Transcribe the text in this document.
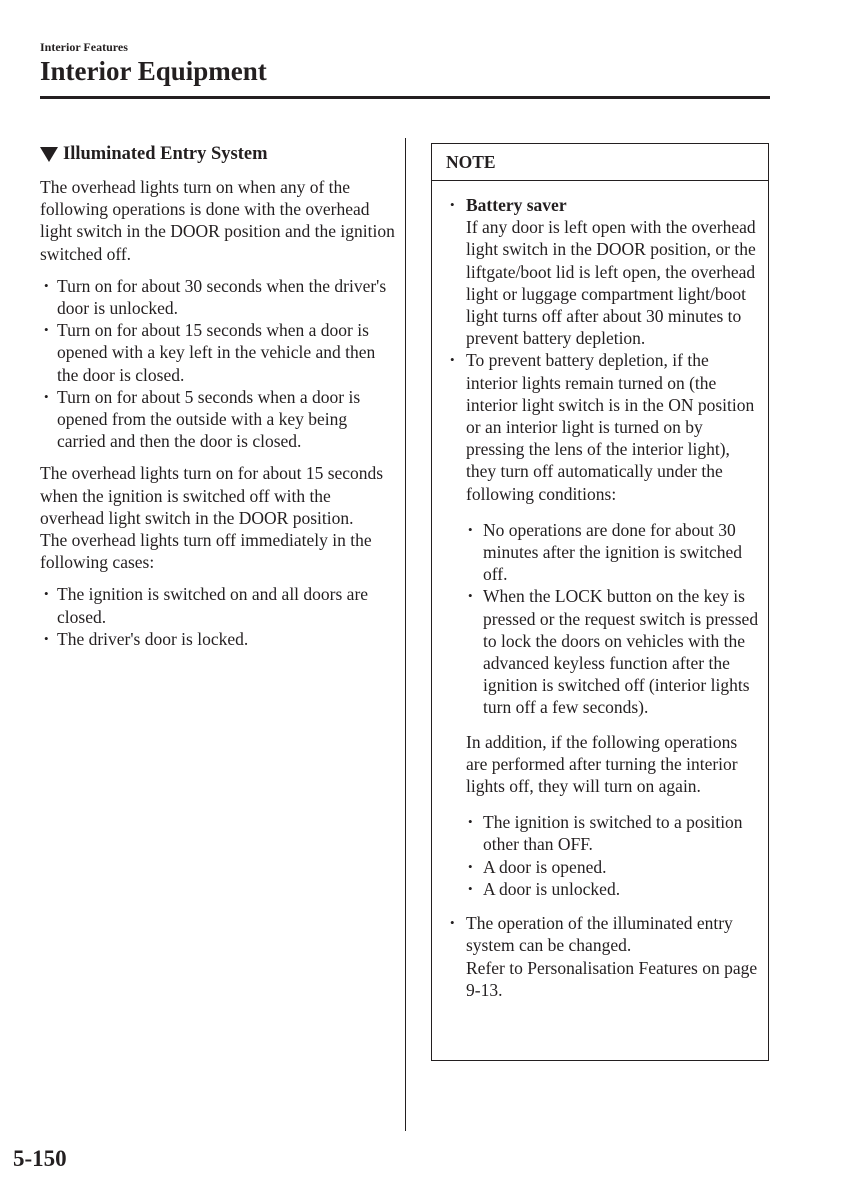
Interior Features
Interior Equipment
Illuminated Entry System

The overhead lights turn on when any of the following operations is done with the overhead light switch in the DOOR position and the ignition switched off.

• Turn on for about 30 seconds when the driver's door is unlocked.
• Turn on for about 15 seconds when a door is opened with a key left in the vehicle and then the door is closed.
• Turn on for about 5 seconds when a door is opened from the outside with a key being carried and then the door is closed.

The overhead lights turn on for about 15 seconds when the ignition is switched off with the overhead light switch in the DOOR position.

The overhead lights turn off immediately in the following cases:

• The ignition is switched on and all doors are closed.
• The driver's door is locked.
NOTE
• Battery saver
If any door is left open with the overhead light switch in the DOOR position, or the liftgate/boot lid is left open, the overhead light or luggage compartment light/boot light turns off after about 30 minutes to prevent battery depletion.
• To prevent battery depletion, if the interior lights remain turned on (the interior light switch is in the ON position or an interior light is turned on by pressing the lens of the interior light), they turn off automatically under the following conditions:
• No operations are done for about 30 minutes after the ignition is switched off.
• When the LOCK button on the key is pressed or the request switch is pressed to lock the doors on vehicles with the advanced keyless function after the ignition is switched off (interior lights turn off a few seconds).
In addition, if the following operations are performed after turning the interior lights off, they will turn on again.
• The ignition is switched to a position other than OFF.
• A door is opened.
• A door is unlocked.
• The operation of the illuminated entry system can be changed.
Refer to Personalisation Features on page 9-13.
5-150
